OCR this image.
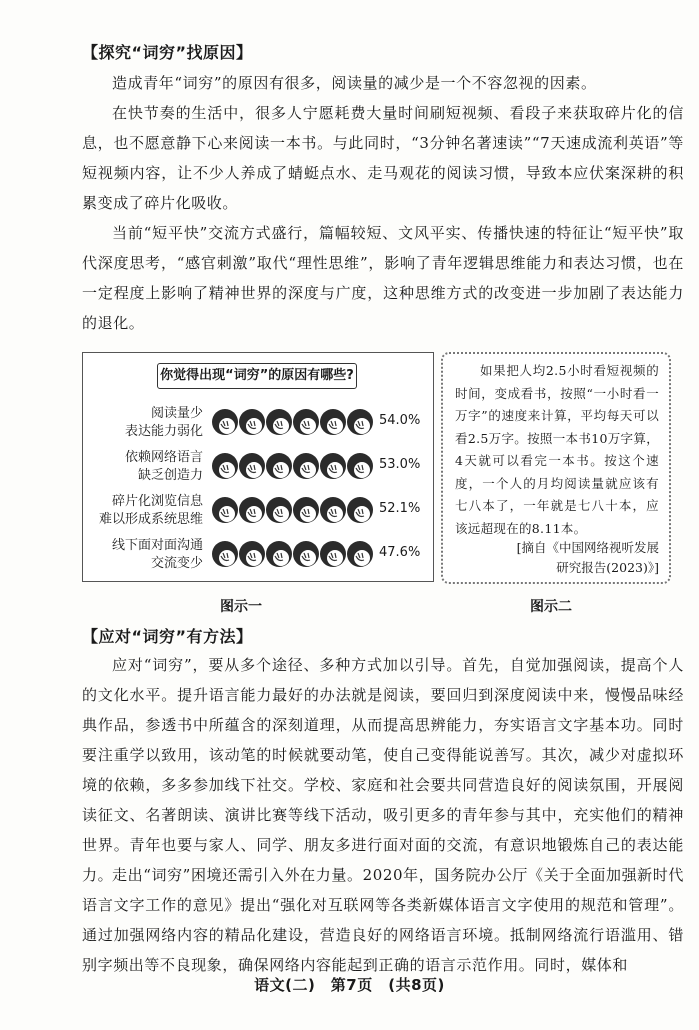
【探究“词穷”找原因】

造成青年“词穷”的原因有很多，阅读量的减少是一个不容忽视的因素。

在快节奏的生活中，很多人宁愿耗费大量时间刷短视频、看段子来获取碎片化的信息，也不愿意静下心来阅读一本书。与此同时，“3分钟名著速读”“7天速成流利英语”等短视频内容，让不少人养成了蜻蜓点水、走马观花的阅读习惯，导致本应伏案深耕的积累变成了碎片化吸收。

当前“短平快”交流方式盛行，篇幅较短、文风平实、传播快速的特征让“短平快”取代深度思考，“感官刺激”取代“理性思维”，影响了青年逻辑思维能力和表达习惯，也在一定程度上影响了精神世界的深度与广度，这种思维方式的改变进一步加剧了表达能力的退化。

你觉得出现“词穷”的原因有哪些?
阅读量少
表达能力弱化
54.0%
依赖网络语言
缺乏创造力
53.0%
碎片化浏览信息
难以形成系统思维
52.1%
线下面对面沟通
交流变少
47.6%
图示一

如果把人均2.5小时看短视频的时间，变成看书，按照“一小时看一万字”的速度来计算，平均每天可以看2.5万字。按照一本书10万字算，4天就可以看完一本书。按这个速度，一个人的月均阅读量就应该有七八本了，一年就是七八十本，应该远超现在的8.11本。

[摘自《中国网络视听发展
研究报告(2023)》]
图示二
【应对“词穷”有方法】

应对“词穷”，要从多个途径、多种方式加以引导。首先，自觉加强阅读，提高个人的文化水平。提升语言能力最好的办法就是阅读，要回归到深度阅读中来，慢慢品味经典作品，参透书中所蕴含的深刻道理，从而提高思辨能力，夯实语言文字基本功。同时要注重学以致用，该动笔的时候就要动笔，使自己变得能说善写。其次，减少对虚拟环境的依赖，多多参加线下社交。学校、家庭和社会要共同营造良好的阅读氛围，开展阅读征文、名著朗读、演讲比赛等线下活动，吸引更多的青年参与其中，充实他们的精神世界。青年也要与家人、同学、朋友多进行面对面的交流，有意识地锻炼自己的表达能力。

走出“词穷”困境还需引入外在力量。2020年，国务院办公厅《关于全面加强新时代语言文字工作的意见》提出“强化对互联网等各类新媒体语言文字使用的规范和管理”。通过加强网络内容的精品化建设，营造良好的网络语言环境。抵制网络流行语滥用、错别字频出等不良现象，确保网络内容能起到正确的语言示范作用。同时，媒体和

语文(二)　第7页　(共8页)
